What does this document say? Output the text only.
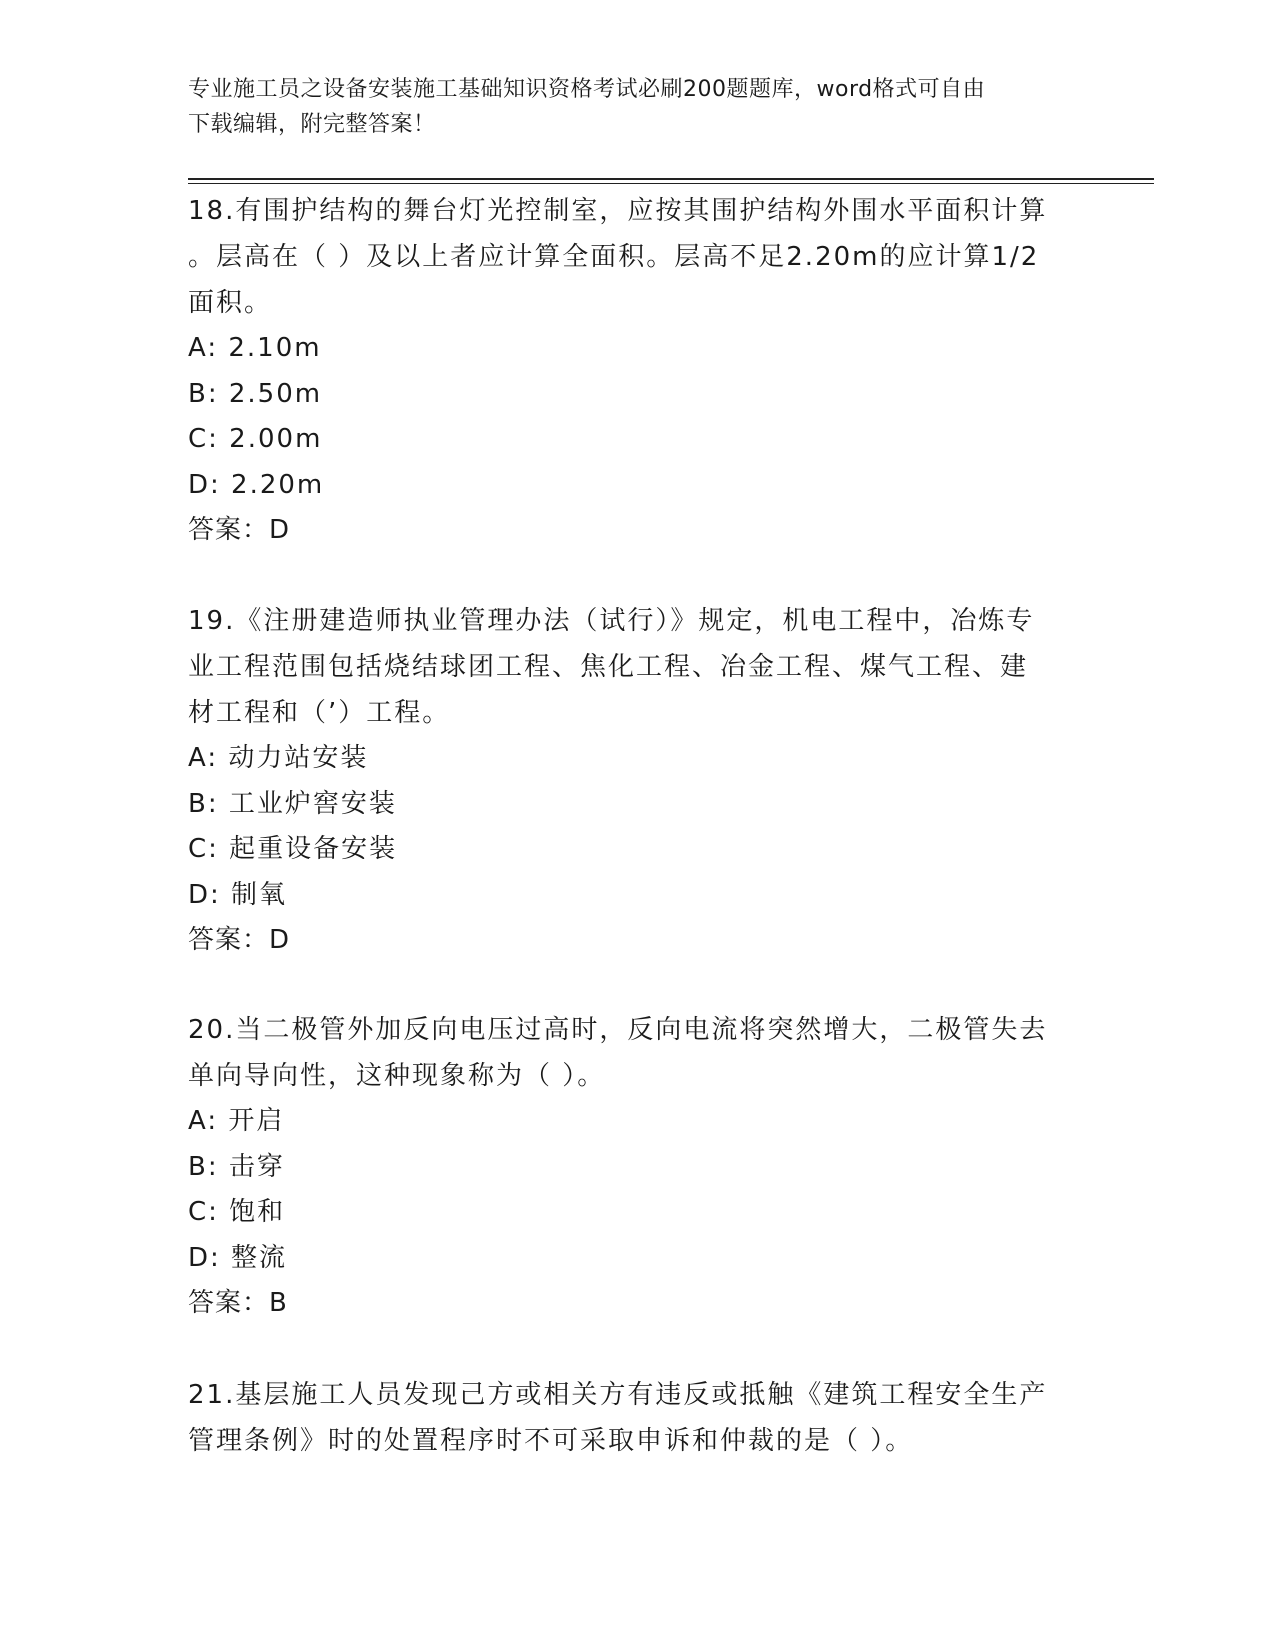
专业施工员之设备安装施工基础知识资格考试必刷200题题库，word格式可自由
下载编辑，附完整答案！

18.有围护结构的舞台灯光控制室，应按其围护结构外围水平面积计算

。层高在（ ）及以上者应计算全面积。层高不足2.20m的应计算1/2

面积。

A: 2.10m

B: 2.50m

C: 2.00m

D: 2.20m

答案：D

19.《注册建造师执业管理办法（试行）》规定，机电工程中，冶炼专

业工程范围包括烧结球团工程、焦化工程、冶金工程、煤气工程、建

材工程和（’）工程。

A: 动力站安装

B: 工业炉窖安装

C: 起重设备安装

D: 制氧

答案：D

20.当二极管外加反向电压过高时，反向电流将突然增大，二极管失去

单向导向性，这种现象称为（ ）。

A: 开启

B: 击穿

C: 饱和

D: 整流

答案：B

21.基层施工人员发现己方或相关方有违反或抵触《建筑工程安全生产

管理条例》时的处置程序时不可采取申诉和仲裁的是（ ）。
